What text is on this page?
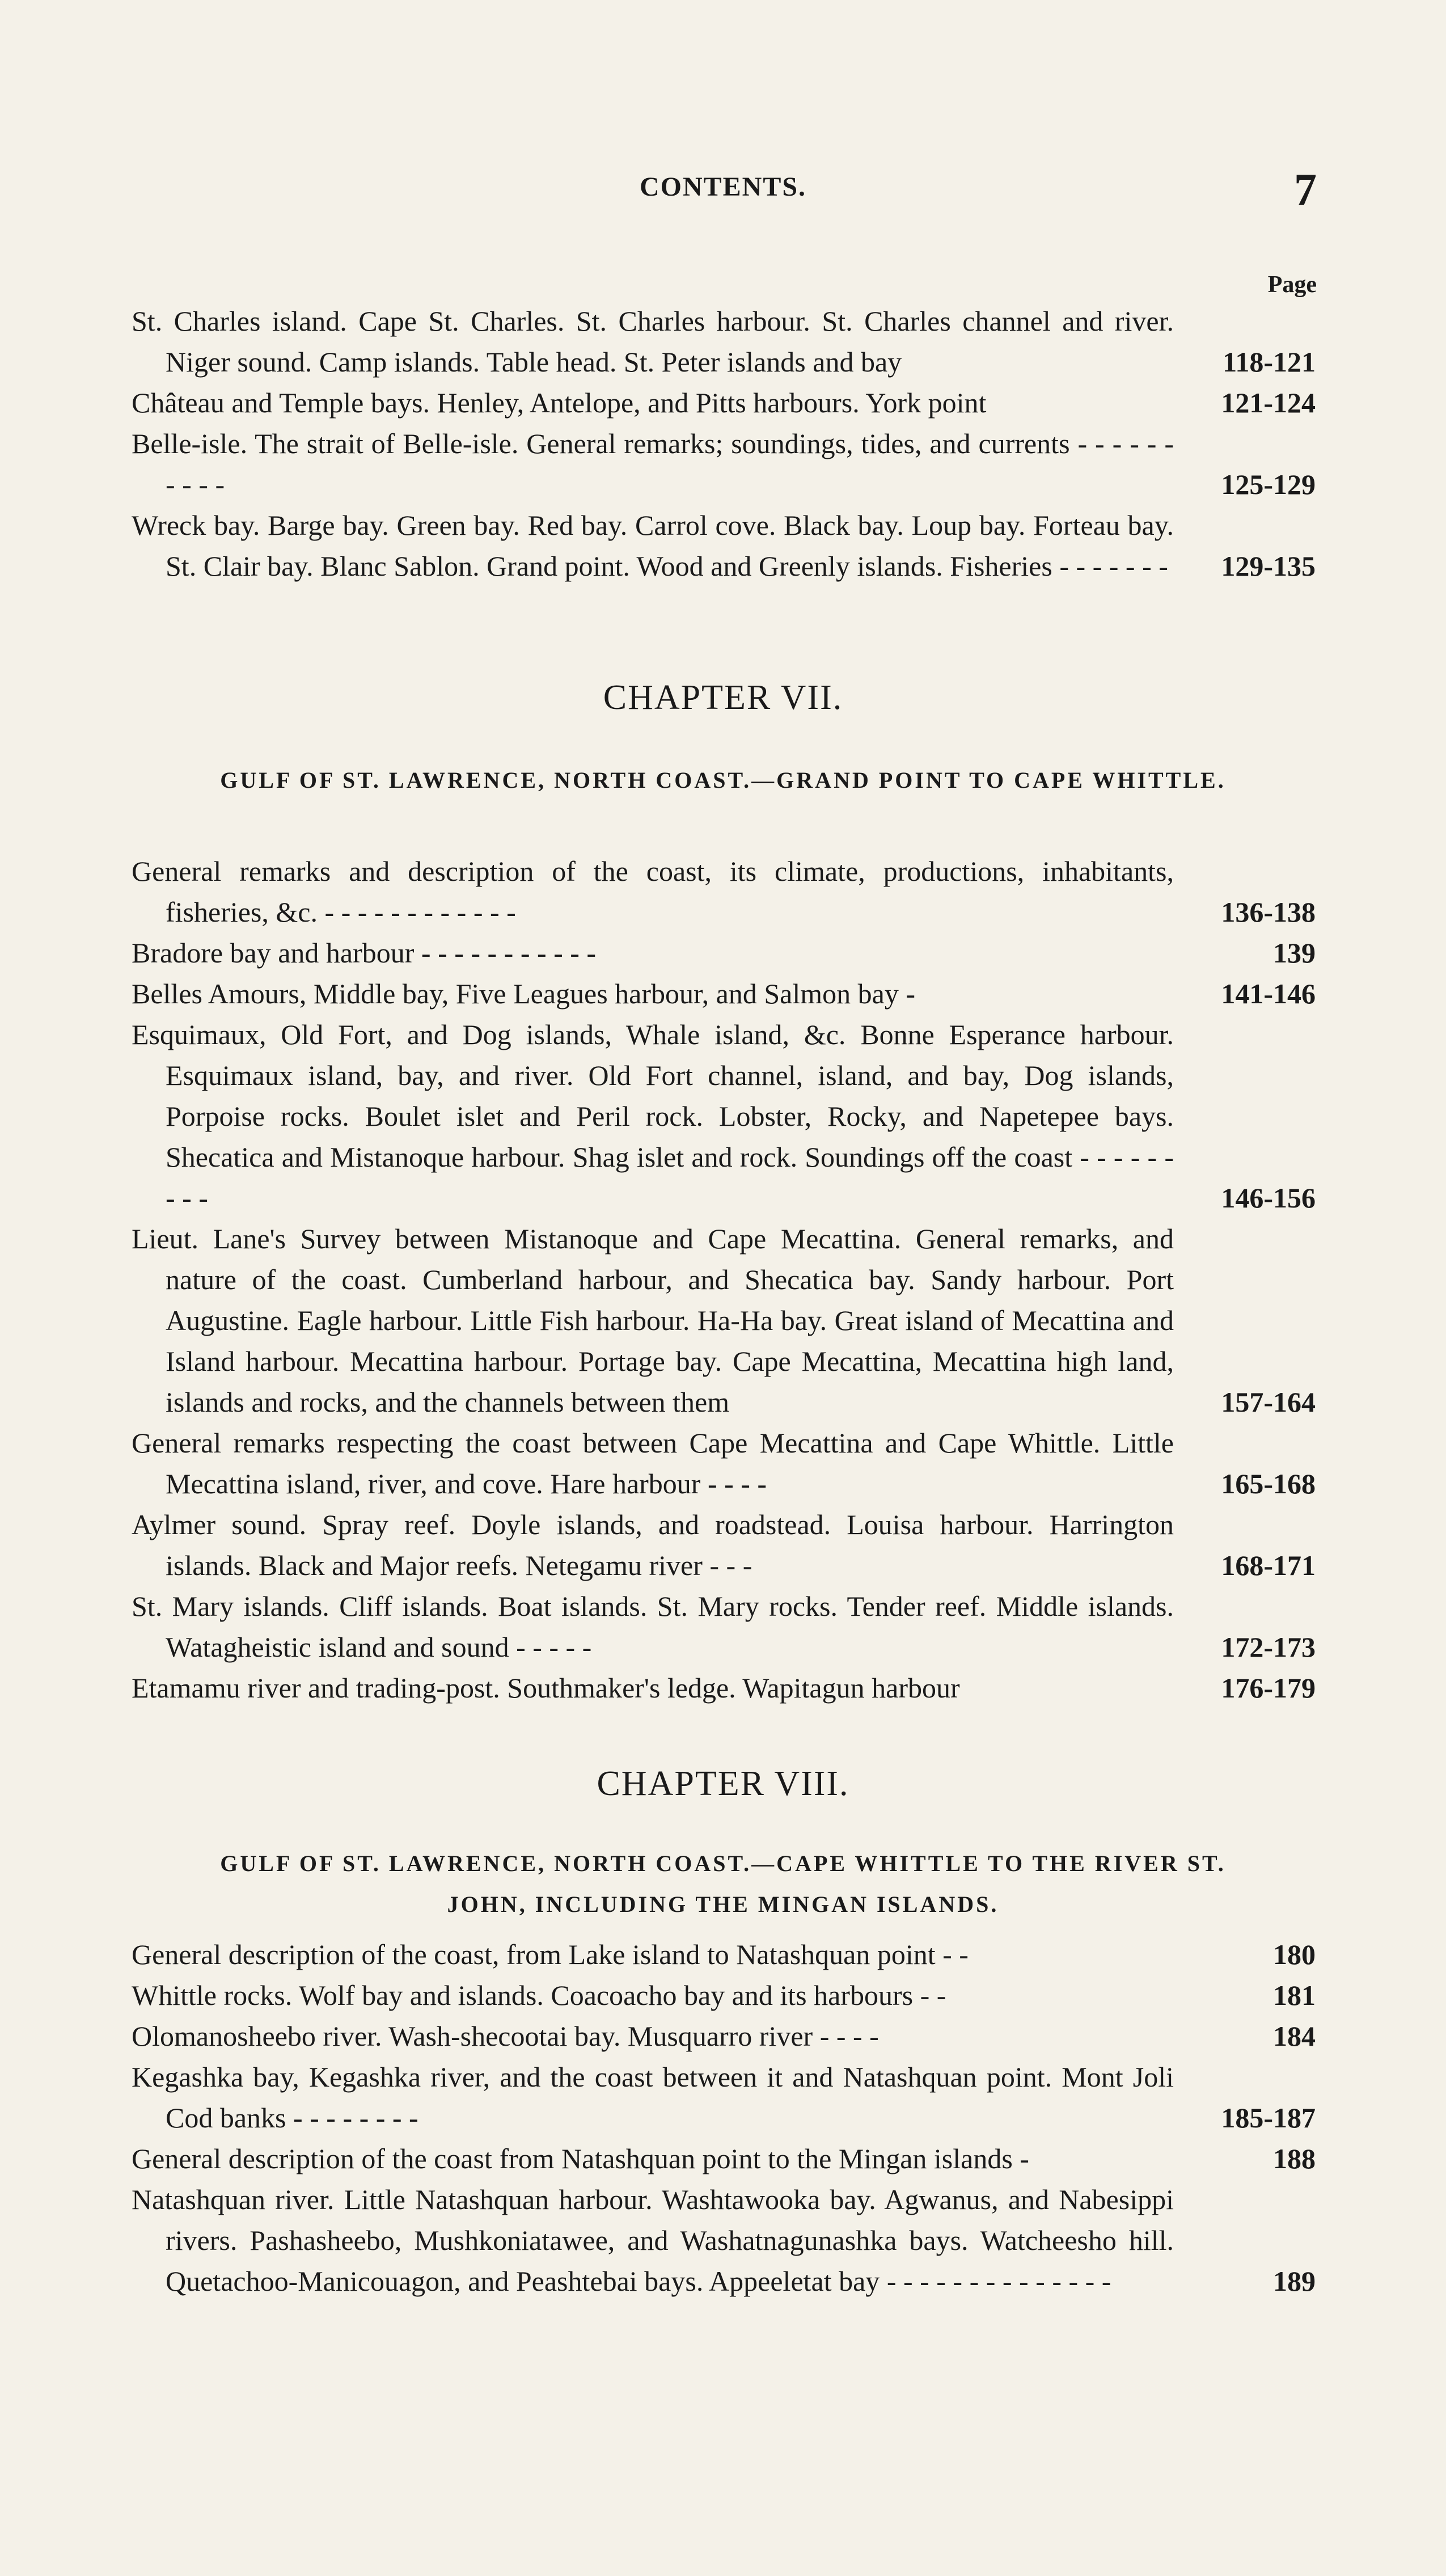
CONTENTS.	7
Page
St. Charles island. Cape St. Charles. St. Charles harbour. St. Charles channel and river. Niger sound. Camp islands. Table head. St. Peter islands and bay	118-121
Château and Temple bays. Henley, Antelope, and Pitts harbours. York point	121-124
Belle-isle. The strait of Belle-isle. General remarks; soundings, tides, and currents - - - - - - - - - -	125-129
Wreck bay. Barge bay. Green bay. Red bay. Carrol cove. Black bay. Loup bay. Forteau bay. St. Clair bay. Blanc Sablon. Grand point. Wood and Greenly islands. Fisheries - - - - - - - 129-135
CHAPTER VII.
GULF OF ST. LAWRENCE, NORTH COAST.—GRAND POINT TO CAPE WHITTLE.
General remarks and description of the coast, its climate, productions, inhabitants, fisheries, &c. - - - - - - - - - - - -	136-138
Bradore bay and harbour - - - - - - - - - - -	139
Belles Amours, Middle bay, Five Leagues harbour, and Salmon bay -	141-146
Esquimaux, Old Fort, and Dog islands, Whale island, &c. Bonne Esperance harbour. Esquimaux island, bay, and river. Old Fort channel, island, and bay, Dog islands, Porpoise rocks. Boulet islet and Peril rock. Lobster, Rocky, and Napetepee bays. Shecatica and Mistanoque harbour. Shag islet and rock. Soundings off the coast - - - - - - - - -	146-156
Lieut. Lane's Survey between Mistanoque and Cape Mecattina. General remarks, and nature of the coast. Cumberland harbour, and Shecatica bay. Sandy harbour. Port Augustine. Eagle harbour. Little Fish harbour. Ha-Ha bay. Great island of Mecattina and Island harbour. Mecattina harbour. Portage bay. Cape Mecattina, Mecattina high land, islands and rocks, and the channels between them	157-164
General remarks respecting the coast between Cape Mecattina and Cape Whittle. Little Mecattina island, river, and cove. Hare harbour - - - -	165-168
Aylmer sound. Spray reef. Doyle islands, and roadstead. Louisa harbour. Harrington islands. Black and Major reefs. Netegamu river - - -	168-171
St. Mary islands. Cliff islands. Boat islands. St. Mary rocks. Tender reef. Middle islands. Watagheistic island and sound - - - - -	172-173
Etamamu river and trading-post. Southmaker's ledge. Wapitagun harbour	176-179
CHAPTER VIII.
GULF OF ST. LAWRENCE, NORTH COAST.—CAPE WHITTLE TO THE RIVER ST. JOHN, INCLUDING THE MINGAN ISLANDS.
General description of the coast, from Lake island to Natashquan point - -	180
Whittle rocks. Wolf bay and islands. Coacoacho bay and its harbours - -	181
Olomanosheebo river. Wash-shecootai bay. Musquarro river - - - -	184
Kegashka bay, Kegashka river, and the coast between it and Natashquan point. Mont Joli Cod banks - - - - - - - -	185-187
General description of the coast from Natashquan point to the Mingan islands -	188
Natashquan river. Little Natashquan harbour. Washtawooka bay. Agwanus, and Nabesippi rivers. Pashasheebo, Mushkoniatawee, and Washatnagunashka bays. Watcheesho hill. Quetachoo-Manicouagon, and Peashtebai bays. Appeeletat bay - - - - - - - - - - - - - -	189
